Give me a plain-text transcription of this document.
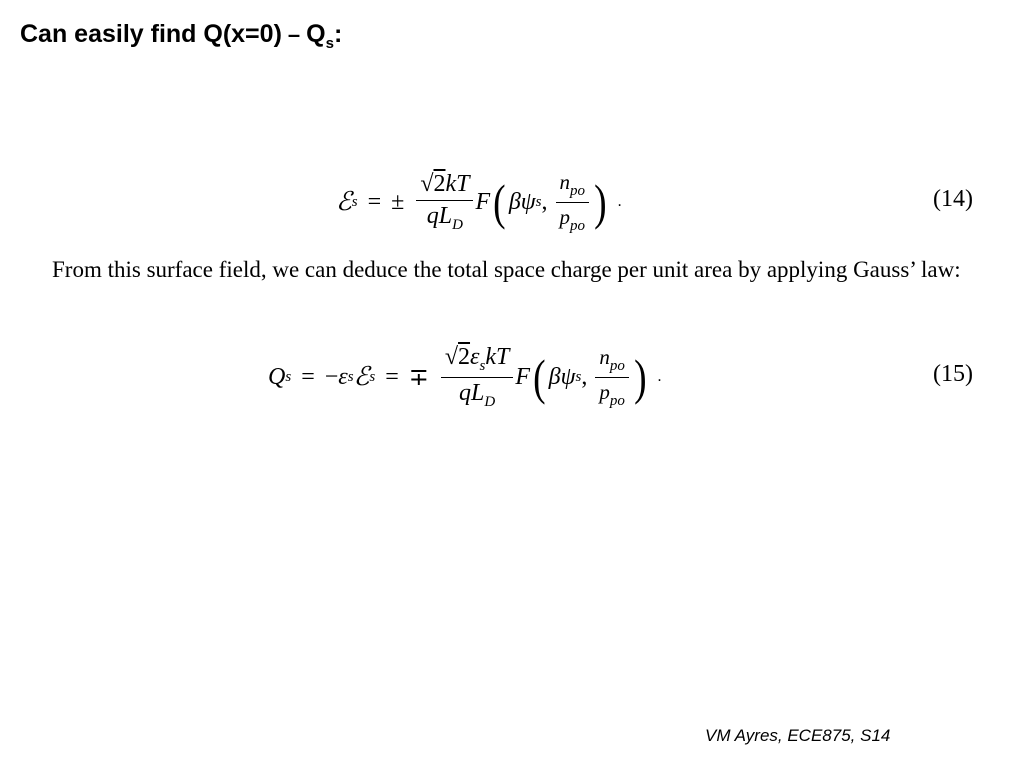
Can easily find $Q(x=0) - Q_s$:
ℰ s = ± $\frac{√2kT}{qL_D}$ F ( βψ s , $\frac{n_{po}}{p_{po}}$ ) .	(14)
From this surface field, we can deduce the total space charge per unit area by applying Gauss’ law:
Q s = − ε s ℰ s = ∓ $\frac{√2\varepsilon_skT}{qL_D}$ F ( βψ s , $\frac{n_{po}}{p_{po}}$ ) .	(15)
VM Ayres, ECE875, S14
